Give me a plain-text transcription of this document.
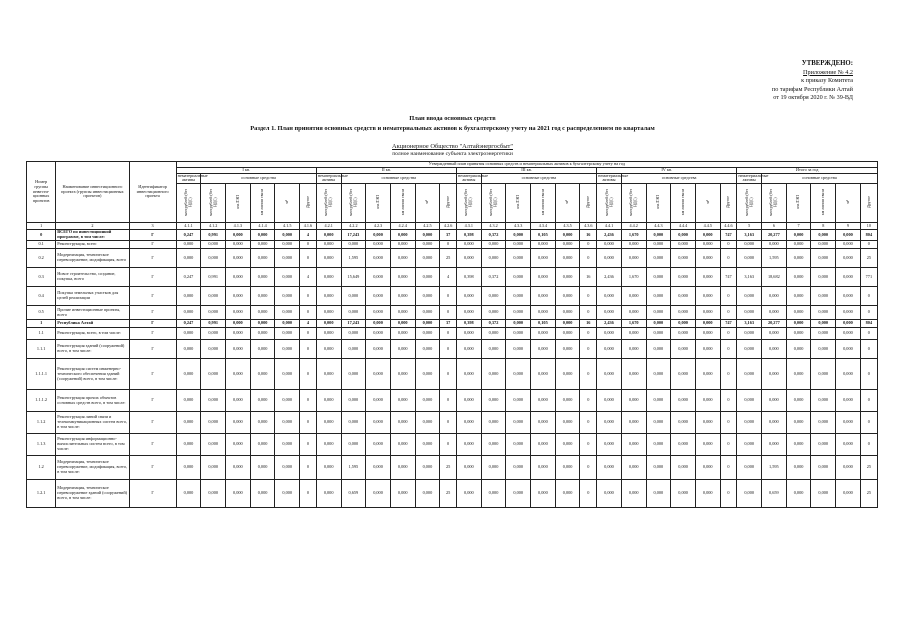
УТВЕРЖДЕНО:
Приложение № 4.2
к приказу Комитета
по тарифам Республики Алтай
от 19 октября 2020 г. № 39-ВД
План ввода основных средств
Раздел 1. План принятия основных средств и нематериальных активов к бухгалтерскому учету на 2021 год с распределением по кварталам
Акционерное Общество "Алтайэнергосбыт"
полное наименование субъекта электроэнергетики
Номер группы инвести-ционных проектов	Наименование инвестиционного проекта (группы инвестиционных проектов)	Идентификатор инвестиционного проекта	Утвержденный план принятия основных средств и нематериальных активов к бухгалтерскому учету на год																													
			I кв.						II кв.						III кв.						IV кв.						Итого за год					
			нематериальные активы	основные средства					нематериальные активы	основные средства					нематериальные активы	основные средства					нематериальные активы	основные средства					нематериальные активы	основные средства				
			млн рублей (без НДС)	млн рублей (без НДС)	км ЛЭП	км линии связи	м²	Другое	млн рублей (без НДС)	млн рублей (без НДС)	км ЛЭП	км линии связи	м²	Другое	млн рублей (без НДС)	млн рублей (без НДС)	км ЛЭП	км линии связи	м²	Другое	млн рублей (без НДС)	млн рублей (без НДС)	км ЛЭП	км линии связи	м²	Другое	млн рублей (без НДС)	млн рублей (без НДС)	км ЛЭП	км линии связи	м²	Другое
1	2	3	4.1.1	4.1.2	4.1.3	4.1.4	4.1.5	4.1.6	4.2.1	4.2.2	4.2.3	4.2.4	4.2.5	4.2.6	4.3.1	4.3.2	4.3.3	4.3.4	4.3.5	4.3.6	4.4.1	4.4.2	4.4.3	4.4.4	4.4.5	4.4.6	5	6	7	8	9	10
0	ВСЕГО по инвестиционной программе, в том числе:	Г	0,247	0,991	0,000	0,000	0,000	4	0,000	17,243	0,000	0,000	0,000	37	0,398	0,372	0,000	0,105	0,000	16	2,436	1,670	0,000	0,000	0,000	747	3,163	20,277	0,000	0,000	0,000	804
0.1	Реконструкция, всего	Г	0,000	0,000	0,000	0,000	0,000	0	0,000	0,000	0,000	0,000	0,000	0	0,000	0,000	0,000	0,000	0,000	0	0,000	0,000	0,000	0,000	0,000	0	0,000	0,000	0,000	0,000	0,000	0
0.2	Модернизация, техническое перевооружение, модификация, всего	Г	0,000	0,000	0,000	0,000	0,000	0	0,000	1,595	0,000	0,000	0,000	25	0,000	0,000	0,000	0,000	0,000	0	0,000	0,000	0,000	0,000	0,000	0	0,000	1,595	0,000	0,000	0,000	25
0.3	Новое строительство, создание, покупка, всего	Г	0,247	0,991	0,000	0,000	0,000	4	0,000	15,649	0,000	0,000	0,000	4	0,398	0,372	0,000	0,000	0,000	16	2,436	1,670	0,000	0,000	0,000	747	3,163	18,682	0,000	0,000	0,000	771
0.4	Покупка земельных участков для целей реализации	Г	0,000	0,000	0,000	0,000	0,000	0	0,000	0,000	0,000	0,000	0,000	0	0,000	0,000	0,000	0,000	0,000	0	0,000	0,000	0,000	0,000	0,000	0	0,000	0,000	0,000	0,000	0,000	0
0.5	Прочие инвестиционные проекты, всего	Г	0,000	0,000	0,000	0,000	0,000	0	0,000	0,000	0,000	0,000	0,000	0	0,000	0,000	0,000	0,000	0,000	0	0,000	0,000	0,000	0,000	0,000	0	0,000	0,000	0,000	0,000	0,000	0
1	Республика Алтай	Г	0,247	0,991	0,000	0,000	0,000	4	0,000	17,243	0,000	0,000	0,000	37	0,398	0,372	0,000	0,105	0,000	16	2,436	1,670	0,000	0,000	0,000	747	3,163	20,277	0,000	0,000	0,000	804
1.1	Реконструкция, всего, в том числе:	Г	0,000	0,000	0,000	0,000	0,000	0	0,000	0,000	0,000	0,000	0,000	0	0,000	0,000	0,000	0,000	0,000	0	0,000	0,000	0,000	0,000	0,000	0	0,000	0,000	0,000	0,000	0,000	0
1.1.1	Реконструкция зданий (сооружений) всего, в том числе:	Г	0,000	0,000	0,000	0,000	0,000	0	0,000	0,000	0,000	0,000	0,000	0	0,000	0,000	0,000	0,000	0,000	0	0,000	0,000	0,000	0,000	0,000	0	0,000	0,000	0,000	0,000	0,000	0
1.1.1.1	Реконструкция систем инженерно-технического обеспечения зданий (сооружений) всего, в том числе:	Г	0,000	0,000	0,000	0,000	0,000	0	0,000	0,000	0,000	0,000	0,000	0	0,000	0,000	0,000	0,000	0,000	0	0,000	0,000	0,000	0,000	0,000	0	0,000	0,000	0,000	0,000	0,000	0
1.1.1.2	Реконструкция прочих объектов основных средств всего, в том числе:	Г	0,000	0,000	0,000	0,000	0,000	0	0,000	0,000	0,000	0,000	0,000	0	0,000	0,000	0,000	0,000	0,000	0	0,000	0,000	0,000	0,000	0,000	0	0,000	0,000	0,000	0,000	0,000	0
1.1.2	Реконструкция линий связи и телекоммуникационных систем всего, в том числе:	Г	0,000	0,000	0,000	0,000	0,000	0	0,000	0,000	0,000	0,000	0,000	0	0,000	0,000	0,000	0,000	0,000	0	0,000	0,000	0,000	0,000	0,000	0	0,000	0,000	0,000	0,000	0,000	0
1.1.3	Реконструкция информационно-вычислительных систем всего, в том числе:	Г	0,000	0,000	0,000	0,000	0,000	0	0,000	0,000	0,000	0,000	0,000	0	0,000	0,000	0,000	0,000	0,000	0	0,000	0,000	0,000	0,000	0,000	0	0,000	0,000	0,000	0,000	0,000	0
1.2	Модернизация, техническое перевооружение, модификация, всего, в том числе:	Г	0,000	0,000	0,000	0,000	0,000	0	0,000	1,595	0,000	0,000	0,000	25	0,000	0,000	0,000	0,000	0,000	0	0,000	0,000	0,000	0,000	0,000	0	0,000	1,595	0,000	0,000	0,000	25
1.2.1	Модернизация, техническое перевооружение зданий (сооружений) всего, в том числе:	Г	0,000	0,000	0,000	0,000	0,000	0	0,000	0,659	0,000	0,000	0,000	25	0,000	0,000	0,000	0,000	0,000	0	0,000	0,000	0,000	0,000	0,000	0	0,000	0,659	0,000	0,000	0,000	25
